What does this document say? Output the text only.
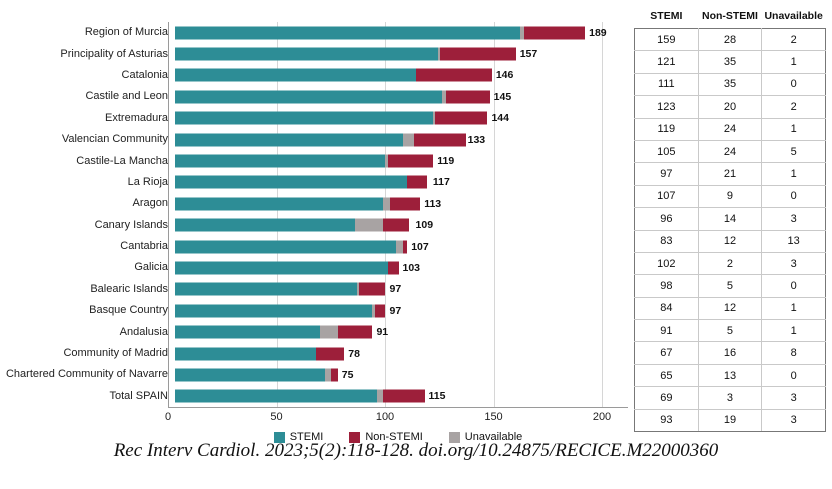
Region of Murcia	189
Principality of Asturias	157
Catalonia	146
Castile and Leon	145
Extremadura	144
Valencian Community	133
Castile-La Mancha	119
La Rioja	117
Aragon	113
Canary Islands	109
Cantabria	107
Galicia	103
Balearic Islands	97
Basque Country	97
Andalusia	91
Community of Madrid	78
Chartered Community of Navarre	75
Total SPAIN	115
0	50	100	150	200
STEMI	Non-STEMI	Unavailable
STEMI	Non-STEMI	Unavailable
159	28	2
121	35	1
111	35	0
123	20	2
119	24	1
105	24	5
97	21	1
107	9	0
96	14	3
83	12	13
102	2	3
98	5	0
84	12	1
91	5	1
67	16	8
65	13	0
69	3	3
93	19	3
Rec Interv Cardiol. 2023;5(2):118-128. doi.org/10.24875/RECICE.M22000360
